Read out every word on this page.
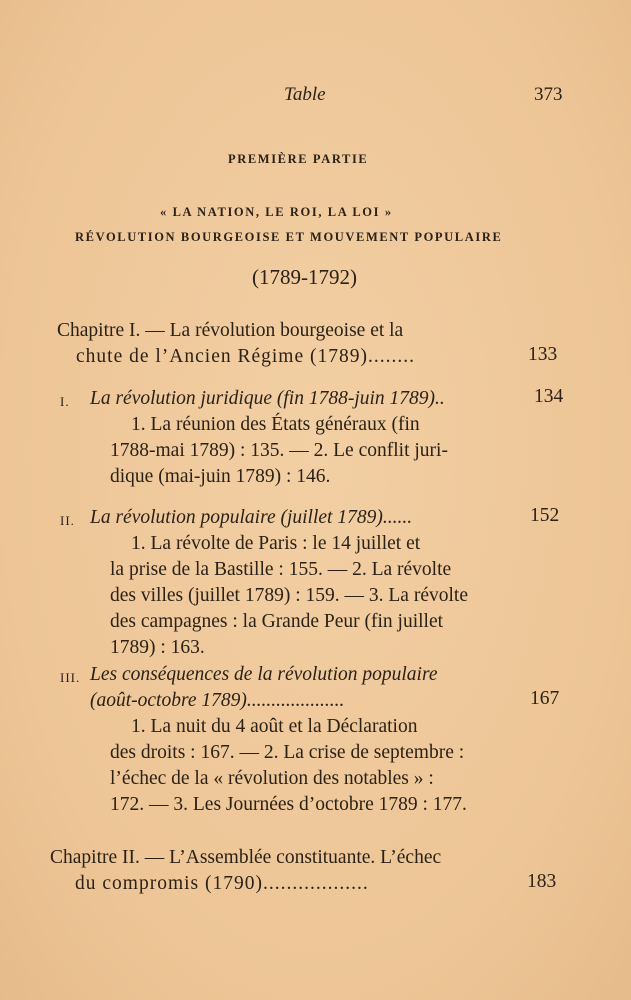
Table	373
PREMIÈRE PARTIE
« LA NATION, LE ROI, LA LOI »
RÉVOLUTION BOURGEOISE ET MOUVEMENT POPULAIRE
(1789-1792)
Chapitre I. — La révolution bourgeoise et la
chute de l’Ancien Régime (1789)........	133
I. La révolution juridique (fin 1788-juin 1789)..	134
1. La réunion des États généraux (fin
1788-mai 1789) : 135. — 2. Le conflit juri-
dique (mai-juin 1789) : 146.
II. La révolution populaire (juillet 1789)......	152
1. La révolte de Paris : le 14 juillet et
la prise de la Bastille : 155. — 2. La révolte
des villes (juillet 1789) : 159. — 3. La révolte
des campagnes : la Grande Peur (fin juillet
1789) : 163.
III. Les conséquences de la révolution populaire
(août-octobre 1789)....................	167
1. La nuit du 4 août et la Déclaration
des droits : 167. — 2. La crise de septembre :
l’échec de la « révolution des notables » :
172. — 3. Les Journées d’octobre 1789 : 177.
Chapitre II. — L’Assemblée constituante. L’échec
du compromis (1790)..................	183
